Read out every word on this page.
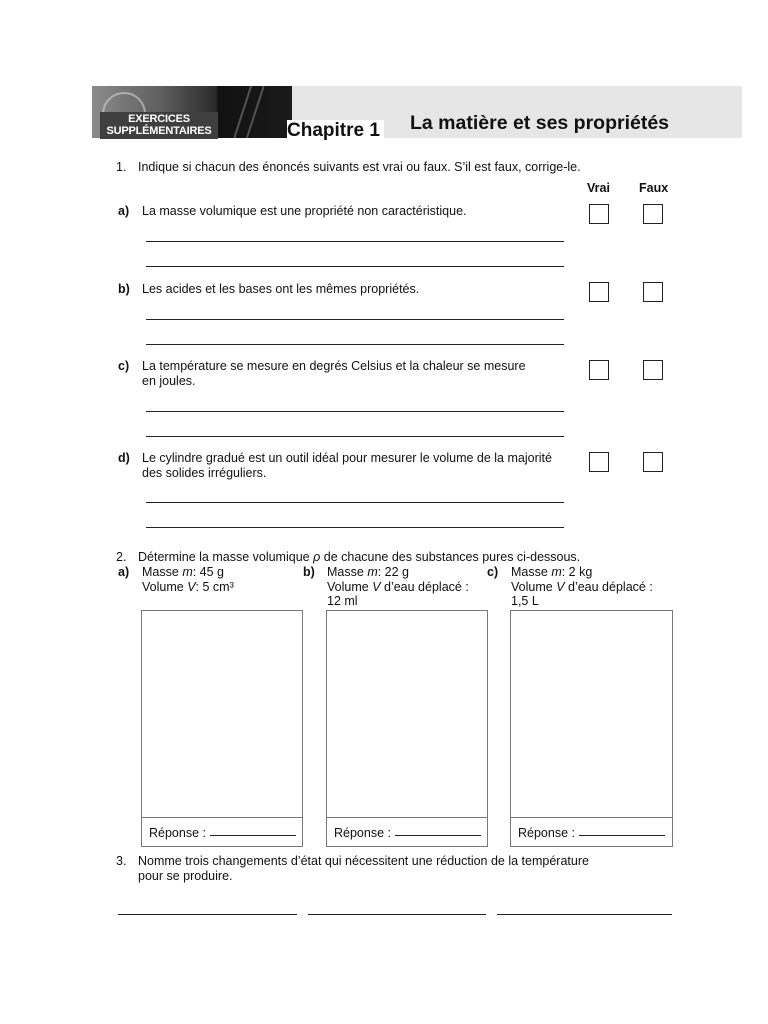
EXERCICES
SUPPLÉMENTAIRES	Chapitre 1 La matière et ses propriétés
1. Indique si chacun des énoncés suivants est vrai ou faux. S’il est faux, corrige-le.
Vrai Faux
a) La masse volumique est une propriété non caractéristique.
b) Les acides et les bases ont les mêmes propriétés.
c) La température se mesure en degrés Celsius et la chaleur se mesure
en joules.
d) Le cylindre gradué est un outil idéal pour mesurer le volume de la majorité
des solides irréguliers.
2. Détermine la masse volumique ρ de chacune des substances pures ci-dessous.
a) Masse m: 45 g
Volume V: 5 cm³
b) Masse m: 22 g
Volume V d’eau déplacé :
12 ml
c) Masse m: 2 kg
Volume V d’eau déplacé :
1,5 L
Réponse :	Réponse :	Réponse :
3. Nomme trois changements d’état qui nécessitent une réduction de la température
pour se produire.
